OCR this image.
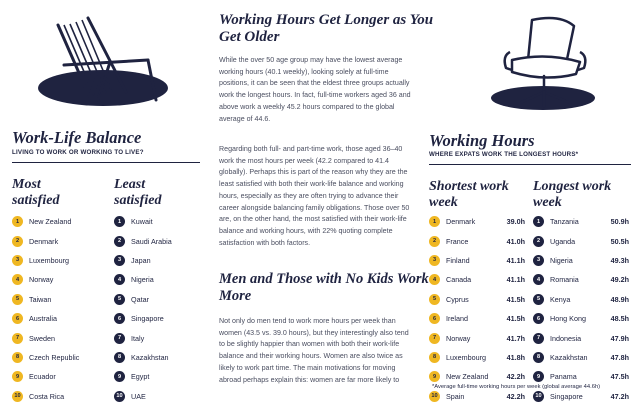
Work-Life Balance
LIVING TO WORK OR WORKING TO LIVE?
Most satisfied
Least satisfied
1	New Zealand
2	Denmark
3	Luxembourg
4	Norway
5	Taiwan
6	Australia
7	Sweden
8	Czech Republic
9	Ecuador
10	Costa Rica
1	Kuwait
2	Saudi Arabia
3	Japan
4	Nigeria
5	Qatar
6	Singapore
7	Italy
8	Kazakhstan
9	Egypt
10	UAE
Working Hours Get Longer as You Get Older

While the over 50 age group may have the lowest average working hours (40.1 weekly), looking solely at full-time positions, it can be seen that the eldest three groups actually work the longest hours. In fact, full-time workers aged 36 and above work a weekly 45.2 hours compared to the global average of 44.6.

Regarding both full- and part-time work, those aged 36–40 work the most hours per week (42.2 compared to 41.4 globally). Perhaps this is part of the reason why they are the least satisfied with both their work-life balance and working hours, especially as they are often trying to advance their career alongside balancing family obligations. Those over 50 are, on the other hand, the most satisfied with their work-life balance and working hours, with 22% quoting complete satisfaction with both factors.

Men and Those with No Kids Work More

Not only do men tend to work more hours per week than women (43.5 vs. 39.0 hours), but they interestingly also tend to be slightly happier than women with both their work-life balance and their working hours. Women are also twice as likely to work part time. The main motivations for moving abroad perhaps explain this: women are far more likely to

Working Hours
WHERE EXPATS WORK THE LONGEST HOURS*
Shortest work week
Longest work week
1	Denmark	39.0h
2	France	41.0h
3	Finland	41.1h
4	Canada	41.1h
5	Cyprus	41.5h
6	Ireland	41.5h
7	Norway	41.7h
8	Luxembourg	41.8h
9	New Zealand	42.2h
10	Spain	42.2h
1	Tanzania	50.9h
2	Uganda	50.5h
3	Nigeria	49.3h
4	Romania	49.2h
5	Kenya	48.9h
6	Hong Kong	48.5h
7	Indonesia	47.9h
8	Kazakhstan	47.8h
9	Panama	47.5h
10	Singapore	47.2h
*Average full-time working hours per week (global average 44.6h)
